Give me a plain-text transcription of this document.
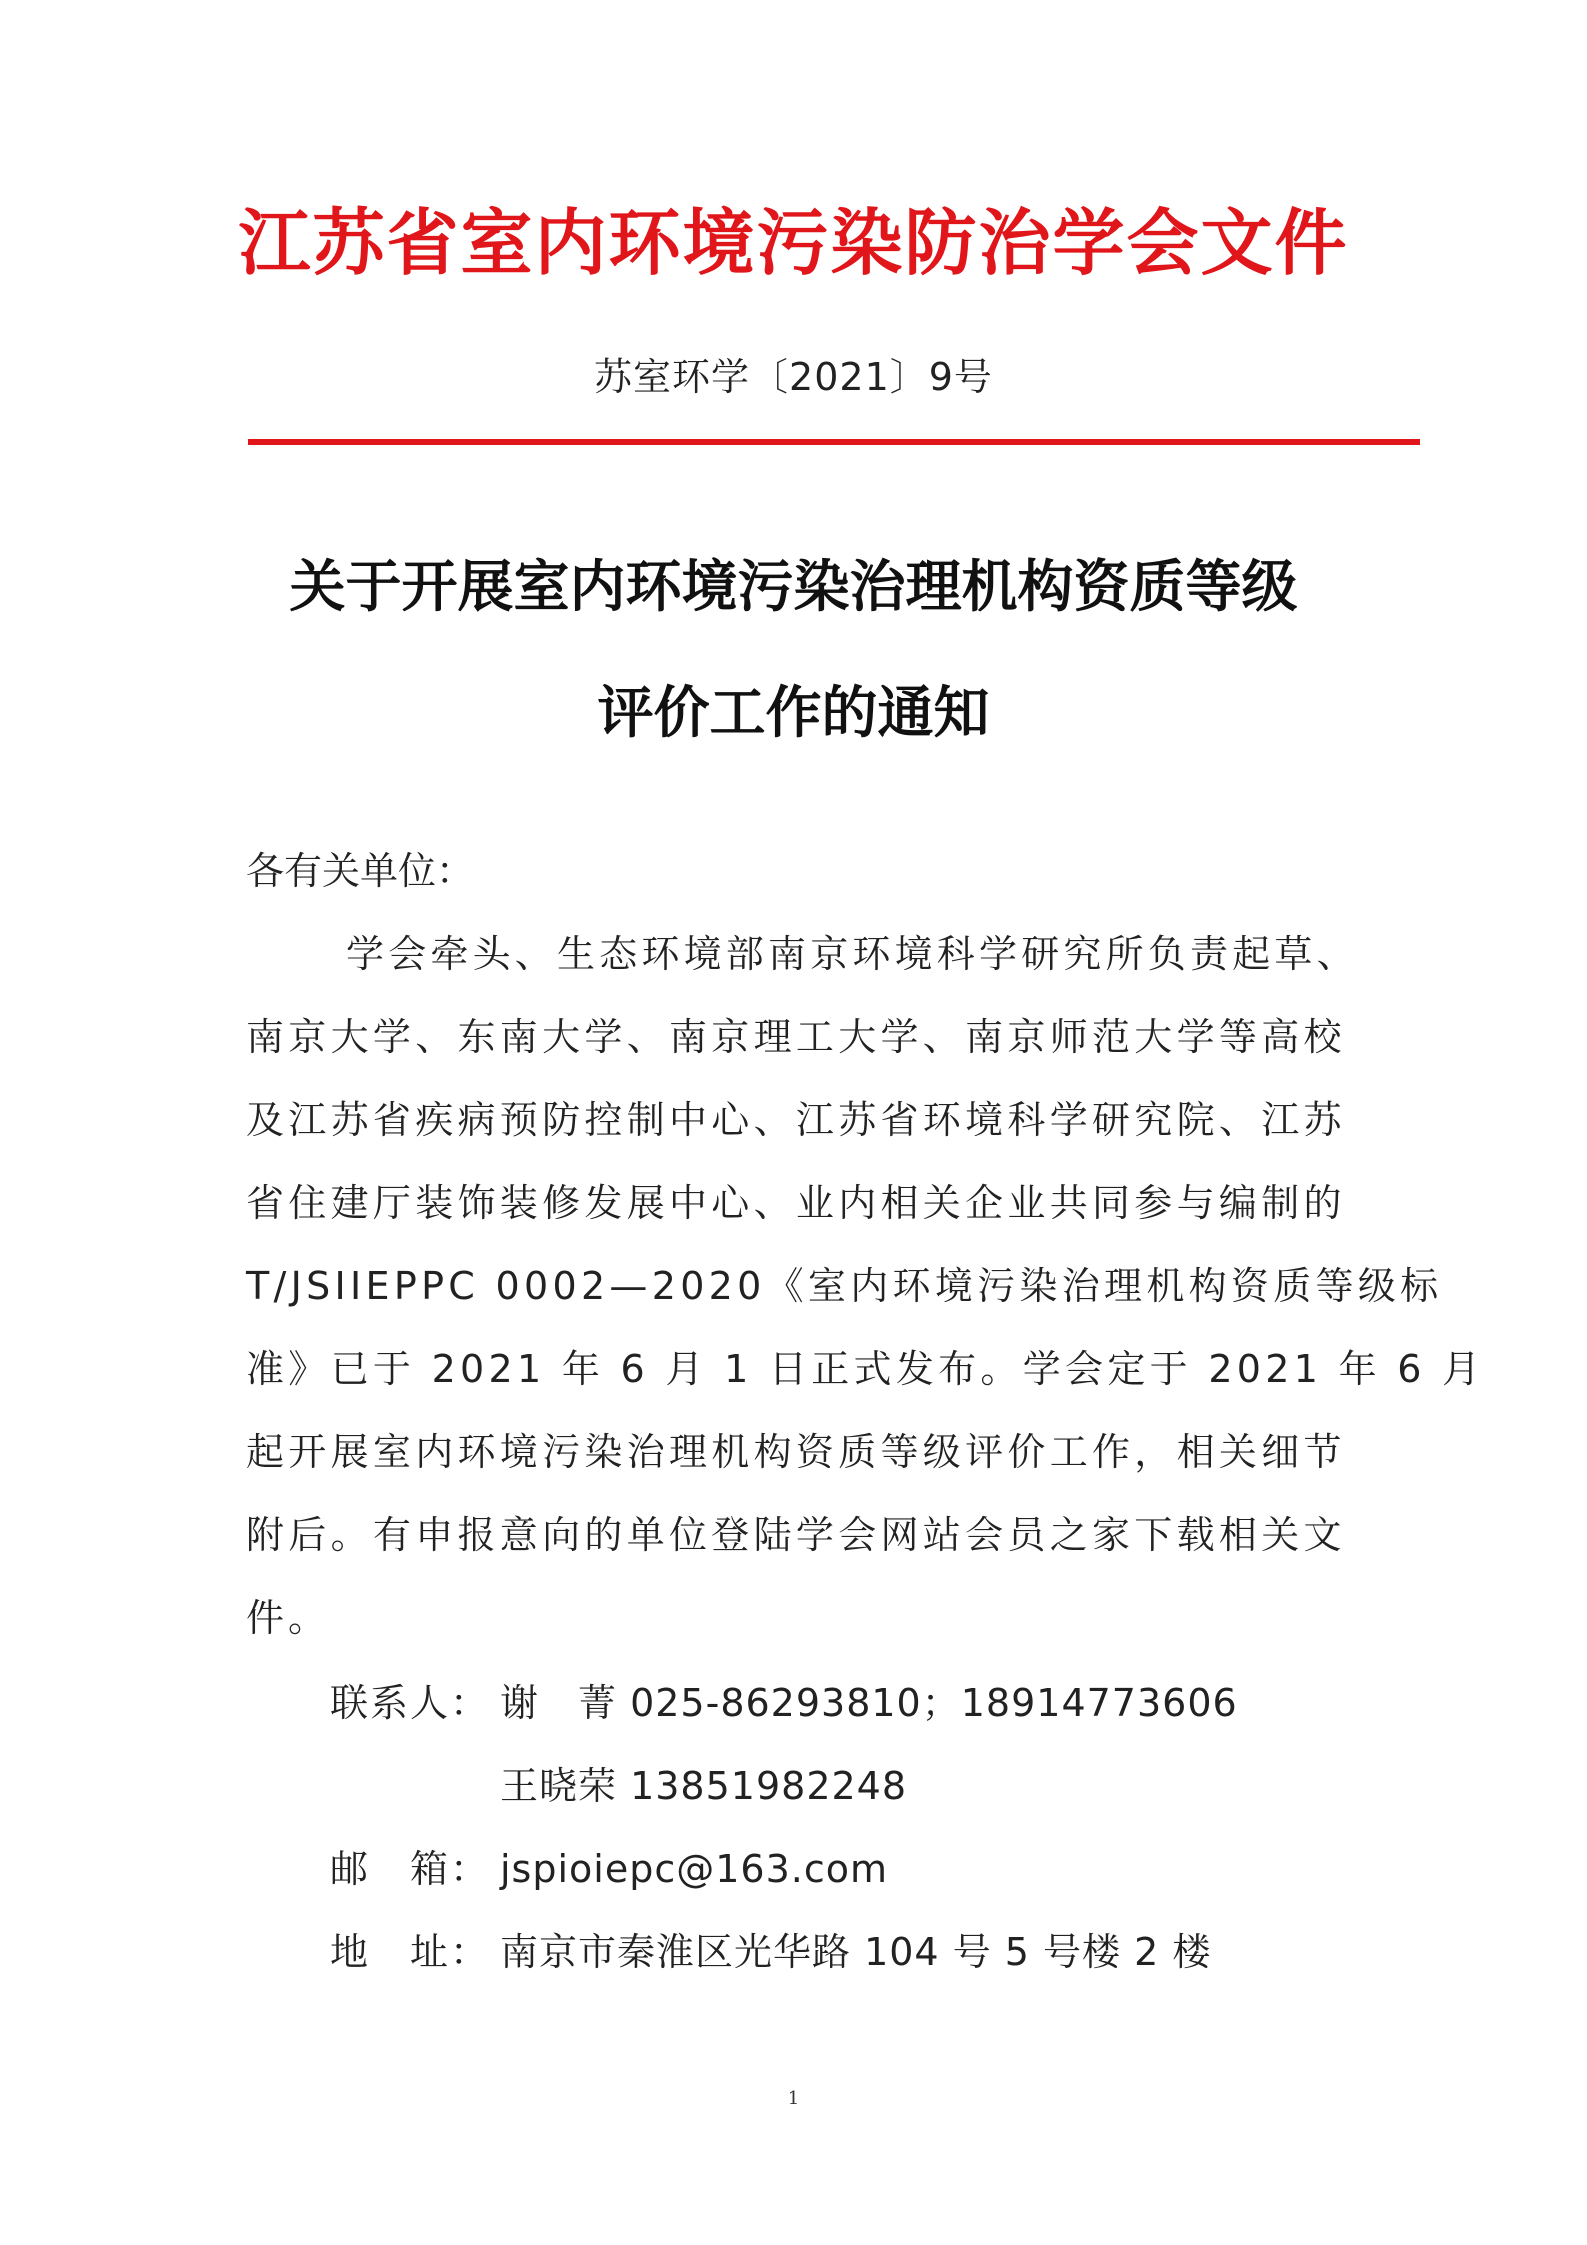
江苏省室内环境污染防治学会文件
苏室环学〔2021〕9号
关于开展室内环境污染治理机构资质等级
评价工作的通知
各有关单位：
学会牵头、生态环境部南京环境科学研究所负责起草、
南京大学、东南大学、南京理工大学、南京师范大学等高校
及江苏省疾病预防控制中心、江苏省环境科学研究院、江苏
省住建厅装饰装修发展中心、业内相关企业共同参与编制的
T/JSIIEPPC 0002—2020《室内环境污染治理机构资质等级标
准》已于 2021 年 6 月 1 日正式发布。学会定于 2021 年 6 月
起开展室内环境污染治理机构资质等级评价工作，相关细节
附后。有申报意向的单位登陆学会网站会员之家下载相关文
件。
联系人： 谢　菁 025-86293810；18914773606
王晓荣 13851982248
邮　箱： jspioiepc@163.com
地　址： 南京市秦淮区光华路 104 号 5 号楼 2 楼
1
